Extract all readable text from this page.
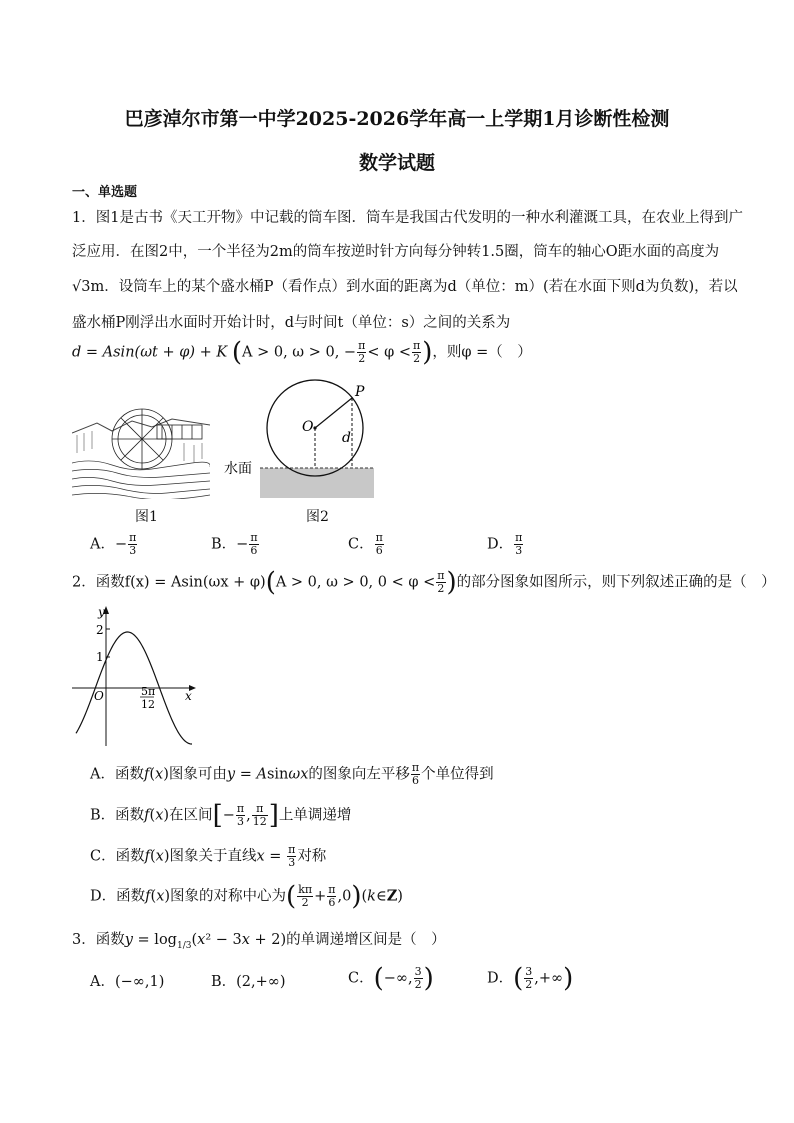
巴彦淖尔市第一中学2025-2026学年高一上学期1月诊断性检测
数学试题
一、单选题
1．图1是古书《天工开物》中记载的筒车图．筒车是我国古代发明的一种水利灌溉工具，在农业上得到广
泛应用．在图2中，一个半径为2m的筒车按逆时针方向每分钟转1.5圈，筒车的轴心O距水面的高度为
√3m．设筒车上的某个盛水桶P（看作点）到水面的距离为d（单位：m）(若在水面下则d为负数)，若以
盛水桶P刚浮出水面时开始计时，d与时间t（单位：s）之间的关系为
d = Asin(ωt + φ) + K (A > 0, ω > 0, − $\frac{\pi}{2} < \varphi < \frac{\pi}{2}$ )，则φ =（　）
O
P
d
水面
图1	图2
A．− $\frac{\pi}{3}$	B．− $\frac{\pi}{6}$	C． $\frac{\pi}{6}$	D． $\frac{\pi}{3}$
2．函数f(x) = Asin(ωx + φ)(A > 0, ω > 0, $0 < \varphi < \frac{\pi}{2}$ )的部分图象如图所示，则下列叙述正确的是（　）
y
2
1
O	x
5π
12
A．函数f(x)图象可由y = Asinωx的图象向左平移 $\frac{\pi}{6}$ 个单位得到
B．函数f(x)在区间[− $\frac{\pi}{3}$ , $\frac{\pi}{12}$ ]上单调递增
C．函数f(x)图象关于直线$x = \frac{\pi}{3}$ 对称
D．函数f(x)图象的对称中心为( $\frac{k\pi}{2} + \frac{\pi}{6}$ ,0)(k∈Z)
3．函数$y = \log_{1/3}(x^2 - 3x + 2)$的单调递增区间是（　）
A．(−∞,1)	B．(2,+∞)	C．(−∞, $\frac{3}{2}$ )	D．( $\frac{3}{2}$ ,+∞)
